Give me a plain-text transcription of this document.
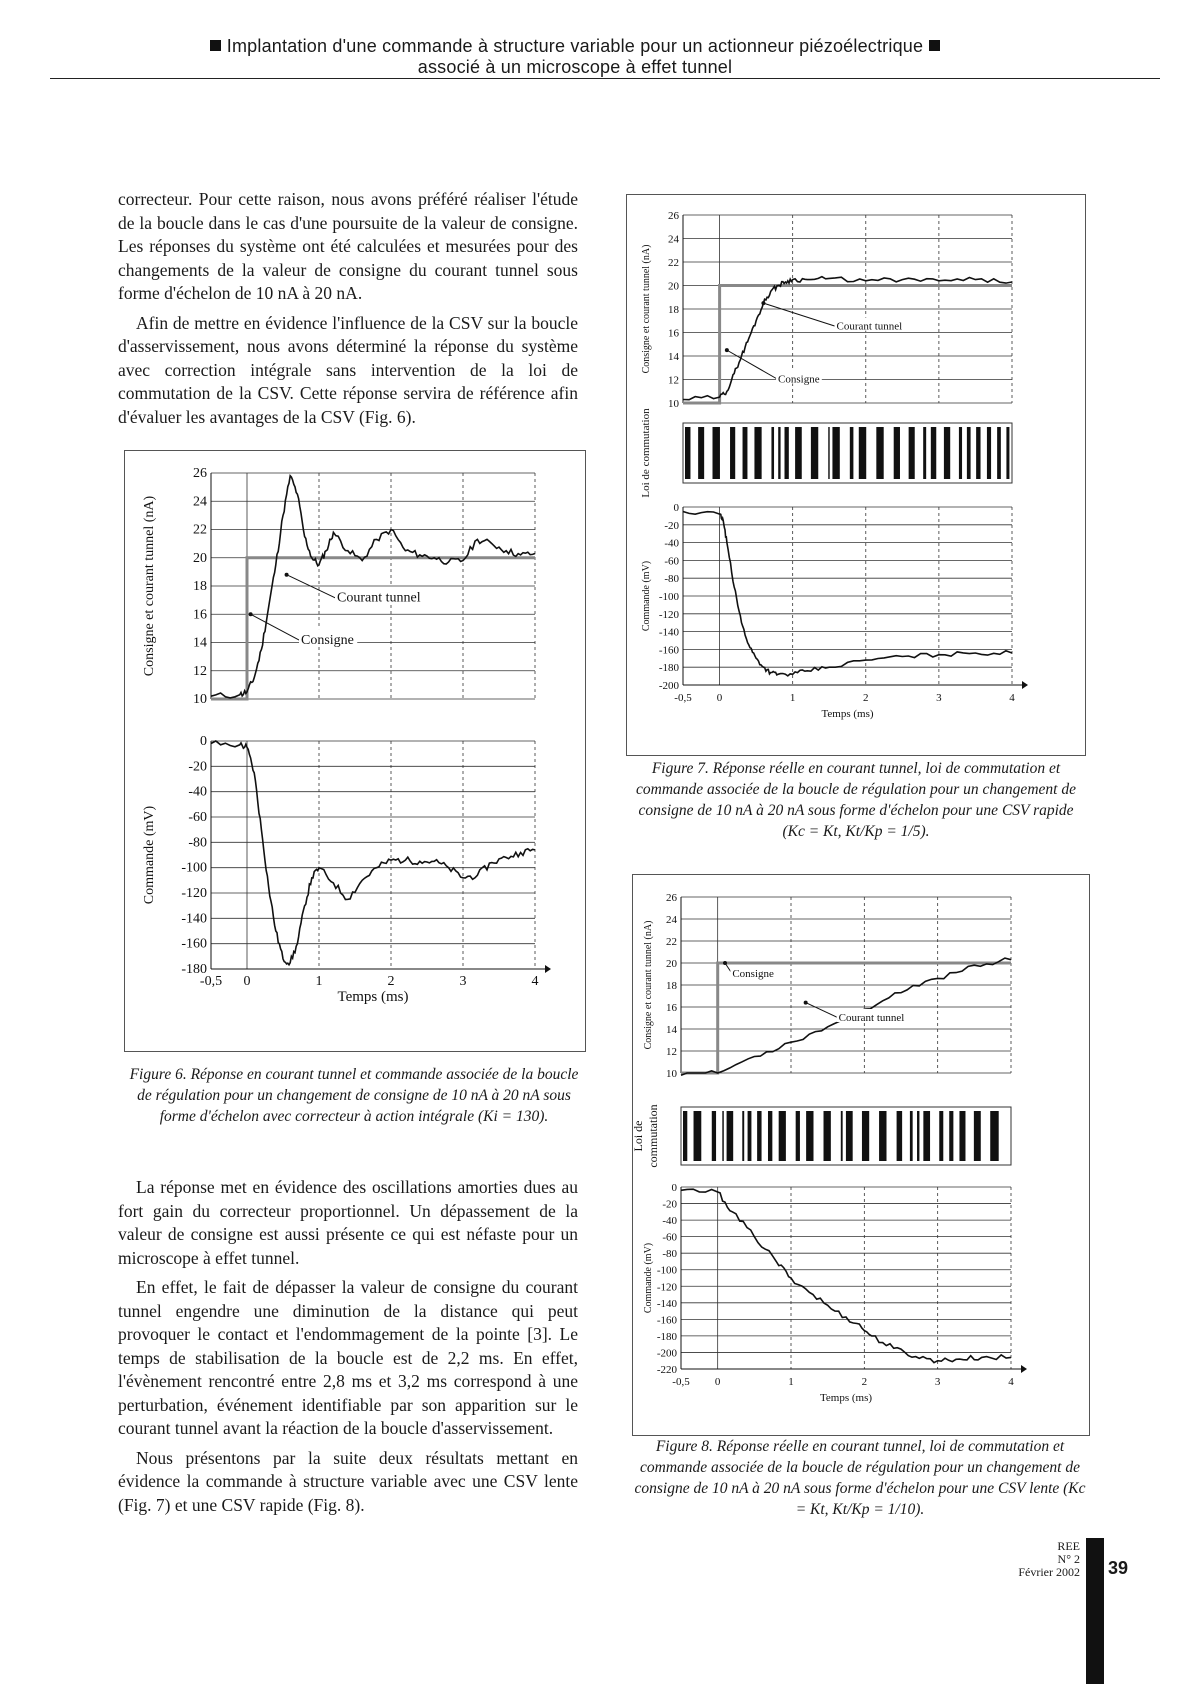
Implantation d'une commande à structure variable pour un actionneur piézoélectrique
associé à un microscope à effet tunnel

correcteur. Pour cette raison, nous avons préféré réaliser l'étude de la boucle dans le cas d'une poursuite de la valeur de consigne. Les réponses du système ont été calculées et mesurées pour des changements de la valeur de consigne du courant tunnel sous forme d'échelon de 10 nA à 20 nA.

Afin de mettre en évidence l'influence de la CSV sur la boucle d'asservissement, nous avons déterminé la réponse du système avec correction intégrale sans intervention de la loi de commutation de la CSV. Cette réponse servira de référence afin d'évaluer les avantages de la CSV (Fig. 6).

10
12
14
16
18
20
22
24
26
Consigne et courant tunnel (nA)
0
-20
-40
-60
-80
-100
-120
-140
-160
-180
Commande (mV)
-0,5 0	1	2	3	4
Temps (ms)
Courant tunnel
Consigne
Figure 6. Réponse en courant tunnel et commande associée de la boucle de régulation pour un changement de consigne de 10 nA à 20 nA sous forme d'échelon avec correcteur à action intégrale (Ki = 130).

La réponse met en évidence des oscillations amorties dues au fort gain du correcteur proportionnel. Un dépassement de la valeur de consigne est aussi présente ce qui est néfaste pour un microscope à effet tunnel.

En effet, le fait de dépasser la valeur de consigne du courant tunnel engendre une diminution de la distance qui peut provoquer le contact et l'endommagement de la pointe [3]. Le temps de stabilisation de la boucle est de 2,2 ms. En effet, l'évènement rencontré entre 2,8 ms et 3,2 ms correspond à une perturbation, événement identifiable par son apparition sur le courant tunnel avant la réaction de la boucle d'asservissement.

Nous présentons par la suite deux résultats mettant en évidence la commande à structure variable avec une CSV lente (Fig. 7) et une CSV rapide (Fig. 8).

10
12
14
16
18
20
22
24
26
Consigne et courant tunnel (nA)
Loi de commutation
0
-20
-40
-60
-80
-100
-120
-140
-160
-180
-200
Commande (mV)
-0,5 0	1	2	3	4
Temps (ms)
Courant tunnel
Consigne
Figure 7. Réponse réelle en courant tunnel, loi de commutation et commande associée de la boucle de régulation pour un changement de consigne de 10 nA à 20 nA sous forme d'échelon pour une CSV rapide (Kc = Kt, Kt/Kp = 1/5).
10
12
14
16
18
20
22
24
26
Consigne et courant tunnel (nA)
Loi de commutation
0
-20
-40
-60
-80
-100
-120
-140
-160
-180
-200
-220
Commande (mV)
-0,5 0	1	2	3	4
Temps (ms)
Consigne
Courant tunnel
Figure 8. Réponse réelle en courant tunnel, loi de commutation et commande associée de la boucle de régulation pour un changement de consigne de 10 nA à 20 nA sous forme d'échelon pour une CSV lente (Kc = Kt, Kt/Kp = 1/10).
REE
N° 2
Février 2002 39
